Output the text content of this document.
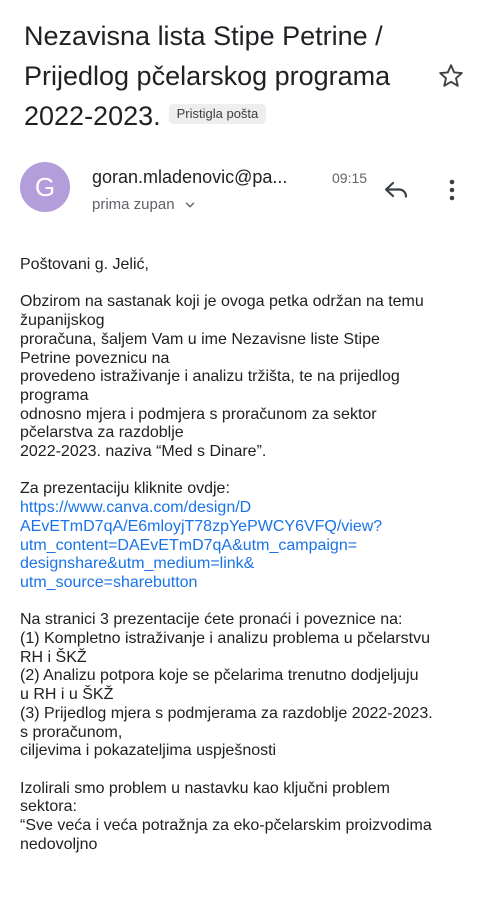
Nezavisna lista Stipe Petrine /
Prijedlog pčelarskog programa
2022-2023. Pristigla pošta
G	goran.mladenovic@pa...	09:15
prima zupan
Poštovani g. Jelić,
Obzirom na sastanak koji je ovoga petka održan na temu
županijskog
proračuna, šaljem Vam u ime Nezavisne liste Stipe
Petrine poveznicu na
provedeno istraživanje i analizu tržišta, te na prijedlog
programa
odnosno mjera i podmjera s proračunom za sektor
pčelarstva za razdoblje
2022-2023. naziva “Med s Dinare”.
Za prezentaciju kliknite ovdje:
https://www.canva.com/design/D
AEvETmD7qA/E6mloyjT78zpYePWCY6VFQ/view?
utm_content=DAEvETmD7qA&utm_campaign=
designshare&utm_medium=link&
utm_source=sharebutton
Na stranici 3 prezentacije ćete pronaći i poveznice na:
(1) Kompletno istraživanje i analizu problema u pčelarstvu
RH i ŠKŽ
(2) Analizu potpora koje se pčelarima trenutno dodjeljuju
u RH i u ŠKŽ
(3) Prijedlog mjera s podmjerama za razdoblje 2022-2023.
s proračunom,
ciljevima i pokazateljima uspješnosti
Izolirali smo problem u nastavku kao ključni problem
sektora:
“Sve veća i veća potražnja za eko-pčelarskim proizvodima
nedovoljno
